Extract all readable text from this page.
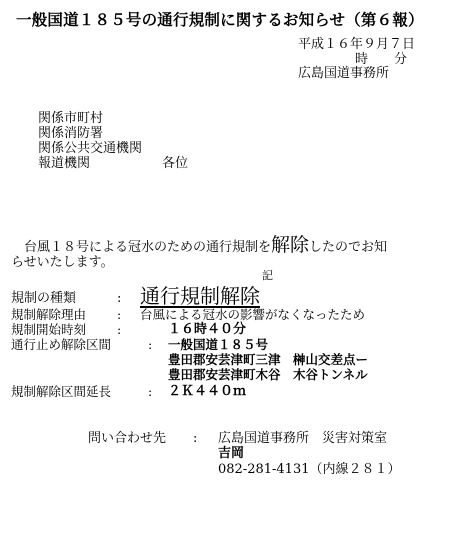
一般国道１８５号の通行規制に関するお知らせ（第６報）
平成１６年９月７日
時　　分
広島国道事務所
関係市町村
関係消防署
関係公共交通機関
報道機関	各位
台風１８号による冠水のための通行規制を解除したのでお知
らせいたします。
記
規制の種類	: 通行規制解除
規制解除理由 : 台風による冠水の影響がなくなったため
規制開始時刻 :	１６時４０分
通行止め解除区間	: 一般国道１８５号
豊田郡安芸津町三津　榊山交差点ー
豊田郡安芸津町木谷　木谷トンネル
規制解除区間延長	: ２Ｋ４４０ｍ
問い合わせ先 : 広島国道事務所　災害対策室
吉岡
082-281-4131（内線２８１）
